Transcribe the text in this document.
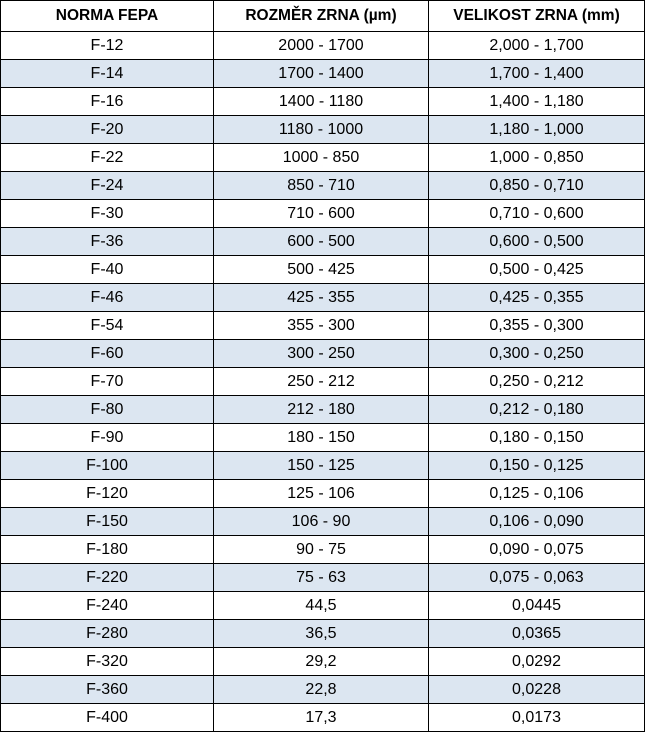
NORMA FEPA	ROZMĚR ZRNA (µm)	VELIKOST ZRNA (mm)
F-12	2000 - 1700	2,000 - 1,700
F-14	1700 - 1400	1,700 - 1,400
F-16	1400 - 1180	1,400 - 1,180
F-20	1180 - 1000	1,180 - 1,000
F-22	1000 - 850	1,000 - 0,850
F-24	850 - 710	0,850 - 0,710
F-30	710 - 600	0,710 - 0,600
F-36	600 - 500	0,600 - 0,500
F-40	500 - 425	0,500 - 0,425
F-46	425 - 355	0,425 - 0,355
F-54	355 - 300	0,355 - 0,300
F-60	300 - 250	0,300 - 0,250
F-70	250 - 212	0,250 - 0,212
F-80	212 - 180	0,212 - 0,180
F-90	180 - 150	0,180 - 0,150
F-100	150 - 125	0,150 - 0,125
F-120	125 - 106	0,125 - 0,106
F-150	106 - 90	0,106 - 0,090
F-180	90 - 75	0,090 - 0,075
F-220	75 - 63	0,075 - 0,063
F-240	44,5	0,0445
F-280	36,5	0,0365
F-320	29,2	0,0292
F-360	22,8	0,0228
F-400	17,3	0,0173
